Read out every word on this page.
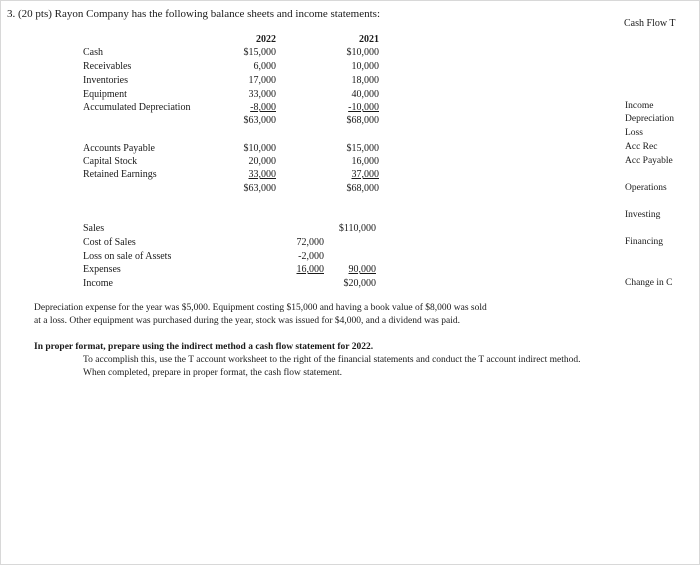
3. (20 pts) Rayon Company has the following balance sheets and income statements:
2022	2021
Cash	$15,000	$10,000
Receivables	6,000	10,000
Inventories	17,000	18,000
Equipment	33,000	40,000
Accumulated Depreciation	-8,000	-10,000
$63,000	$68,000
Accounts Payable	$10,000	$15,000
Capital Stock	20,000	16,000
Retained Earnings	33,000	37,000
$63,000	$68,000
Sales	$110,000
Cost of Sales	72,000
Loss on sale of Assets	-2,000
Expenses	16,000	90,000
Income	$20,000
Depreciation expense for the year was $5,000. Equipment costing $15,000 and having a book value of $8,000 was sold
at a loss. Other equipment was purchased during the year, stock was issued for $4,000, and a dividend was paid.
In proper format, prepare using the indirect method a cash flow statement for 2022.
To accomplish this, use the T account worksheet to the right of the financial statements and conduct the T account indirect method.
When completed, prepare in proper format, the cash flow statement.
Cash Flow T
Income
Depreciation
Loss
Acc Rec
Acc Payable
Operations
Investing
Financing
Change in C
